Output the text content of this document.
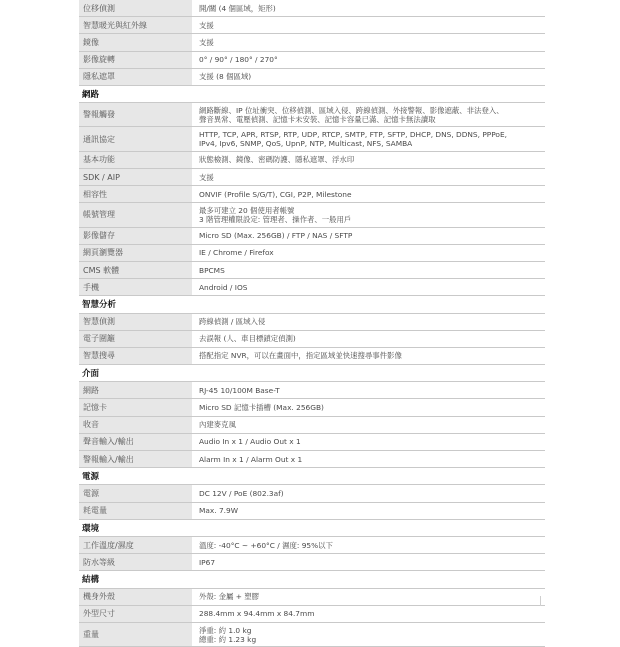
位移偵測	開/關 (4 個區域，矩形)
智慧暖光與紅外線	支援
鏡像	支援
影像旋轉	0° / 90° / 180° / 270°
隱私遮罩	支援 (8 個區域)
網路
警報觸發	網路斷線、IP 位址衝突、位移偵測、區域入侵、跨線偵測、外接警報、影像遮蔽、非法登入、
聲音異常、電壓偵測、記憶卡未安裝、記憶卡容量已滿、記憶卡無法讀取
通訊協定	HTTP, TCP, APR, RTSP, RTP, UDP, RTCP, SMTP, FTP, SFTP, DHCP, DNS, DDNS, PPPoE,
IPv4, Ipv6, SNMP, QoS, UpnP, NTP, Multicast, NFS, SAMBA
基本功能	狀態檢測、鏡像、密碼防護、隱私遮罩、浮水印
SDK / AIP	支援
相容性	ONVIF (Profile S/G/T), CGI, P2P, Milestone
帳號管理	最多可建立 20 個使用者帳號
3 階管理權限設定: 管理者、操作者、一般用戶
影像儲存	Micro SD (Max. 256GB) / FTP / NAS / SFTP
網頁瀏覽器	IE / Chrome / Firefox
CMS 軟體	BPCMS
手機	Android / IOS
智慧分析
智慧偵測	跨線偵測 / 區域入侵
電子圍籬	去誤報 (人、車目標鎖定偵測)
智慧搜尋	搭配指定 NVR，可以在畫面中，指定區域並快速搜尋事件影像
介面
網路	RJ-45 10/100M Base-T
記憶卡	Micro SD 記憶卡插槽 (Max. 256GB)
收音	內建麥克風
聲音輸入/輸出	Audio In x 1 / Audio Out x 1
警報輸入/輸出	Alarm In x 1 / Alarm Out x 1
電源
電源	DC 12V / PoE (802.3af)
耗電量	Max. 7.9W
環境
工作溫度/濕度	溫度: -40°C ~ +60°C / 濕度: 95%以下
防水等級	IP67
結構
機身外殼	外殼: 金屬 + 塑膠
外型尺寸	288.4mm x 94.4mm x 84.7mm
重量	淨重: 約 1.0 kg
總重: 約 1.23 kg
